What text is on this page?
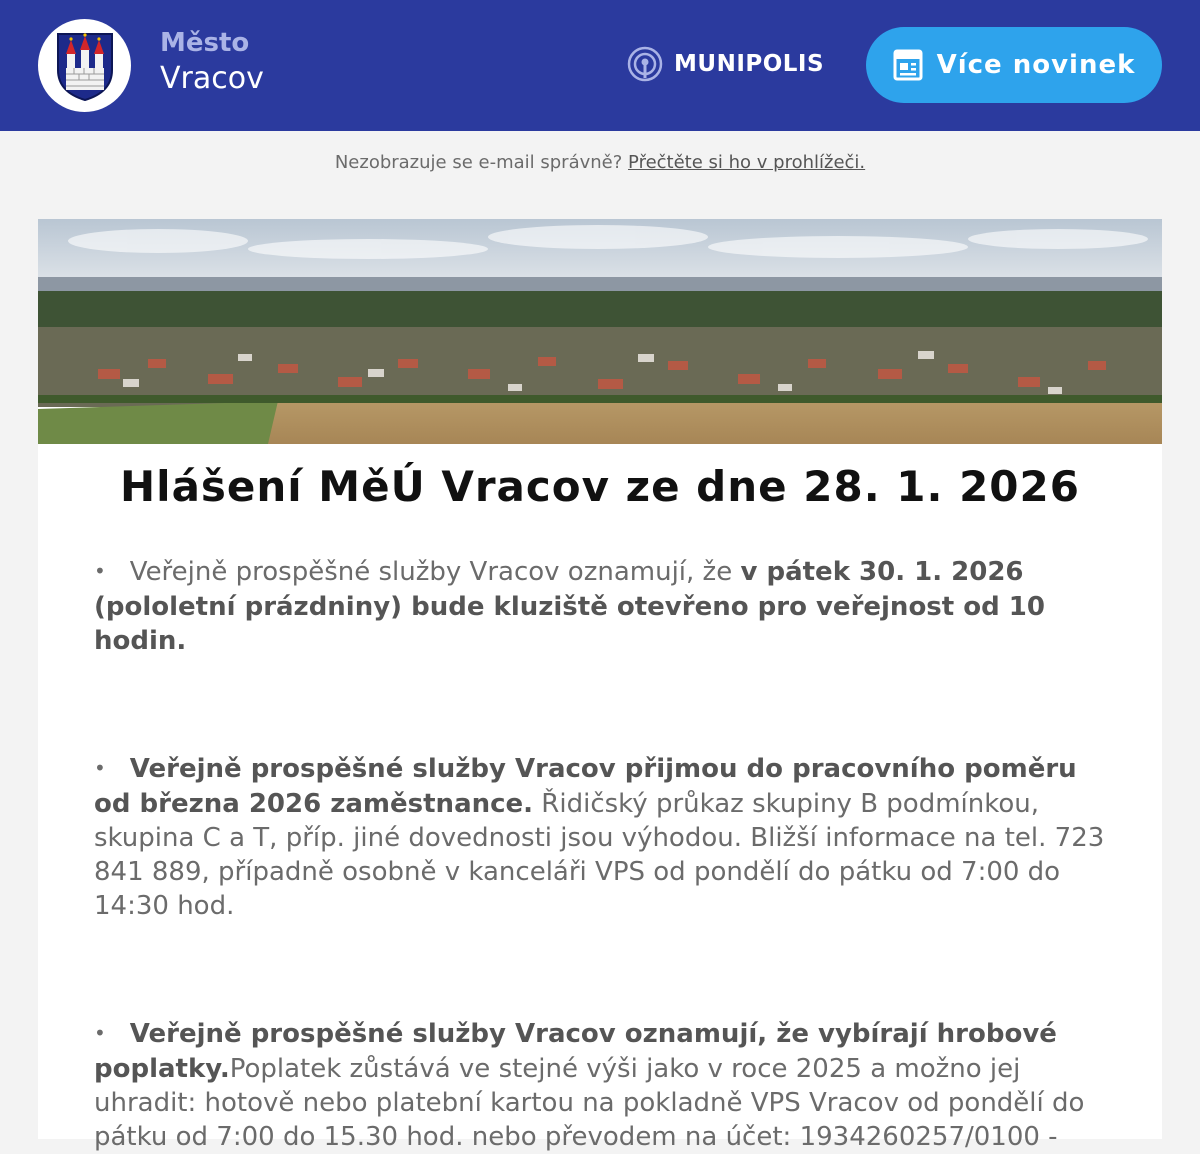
Město
Vracov	MUNIPOLIS	Více novinek
Nezobrazuje se e-mail správně? Přečtěte si ho v prohlížeči.
Hlášení MěÚ Vracov ze dne 28. 1. 2026
• Veřejně prospěšné služby Vracov oznamují, že v pátek 30. 1. 2026 (pololetní prázdniny) bude kluziště otevřeno pro veřejnost od 10 hodin.
• Veřejně prospěšné služby Vracov přijmou do pracovního poměru od března 2026 zaměstnance. Řidičský průkaz skupiny B podmínkou, skupina C a T, příp. jiné dovednosti jsou výhodou. Bližší informace na tel. 723 841 889, případně osobně v kanceláři VPS od pondělí do pátku od 7:00 do 14:30 hod.
• Veřejně prospěšné služby Vracov oznamují, že vybírají hrobové poplatky.Poplatek zůstává ve stejné výši jako v roce 2025 a možno jej uhradit: hotově nebo platební kartou na pokladně VPS Vracov od pondělí do pátku od 7:00 do 15.30 hod. nebo převodem na účet: 1934260257/0100 -
